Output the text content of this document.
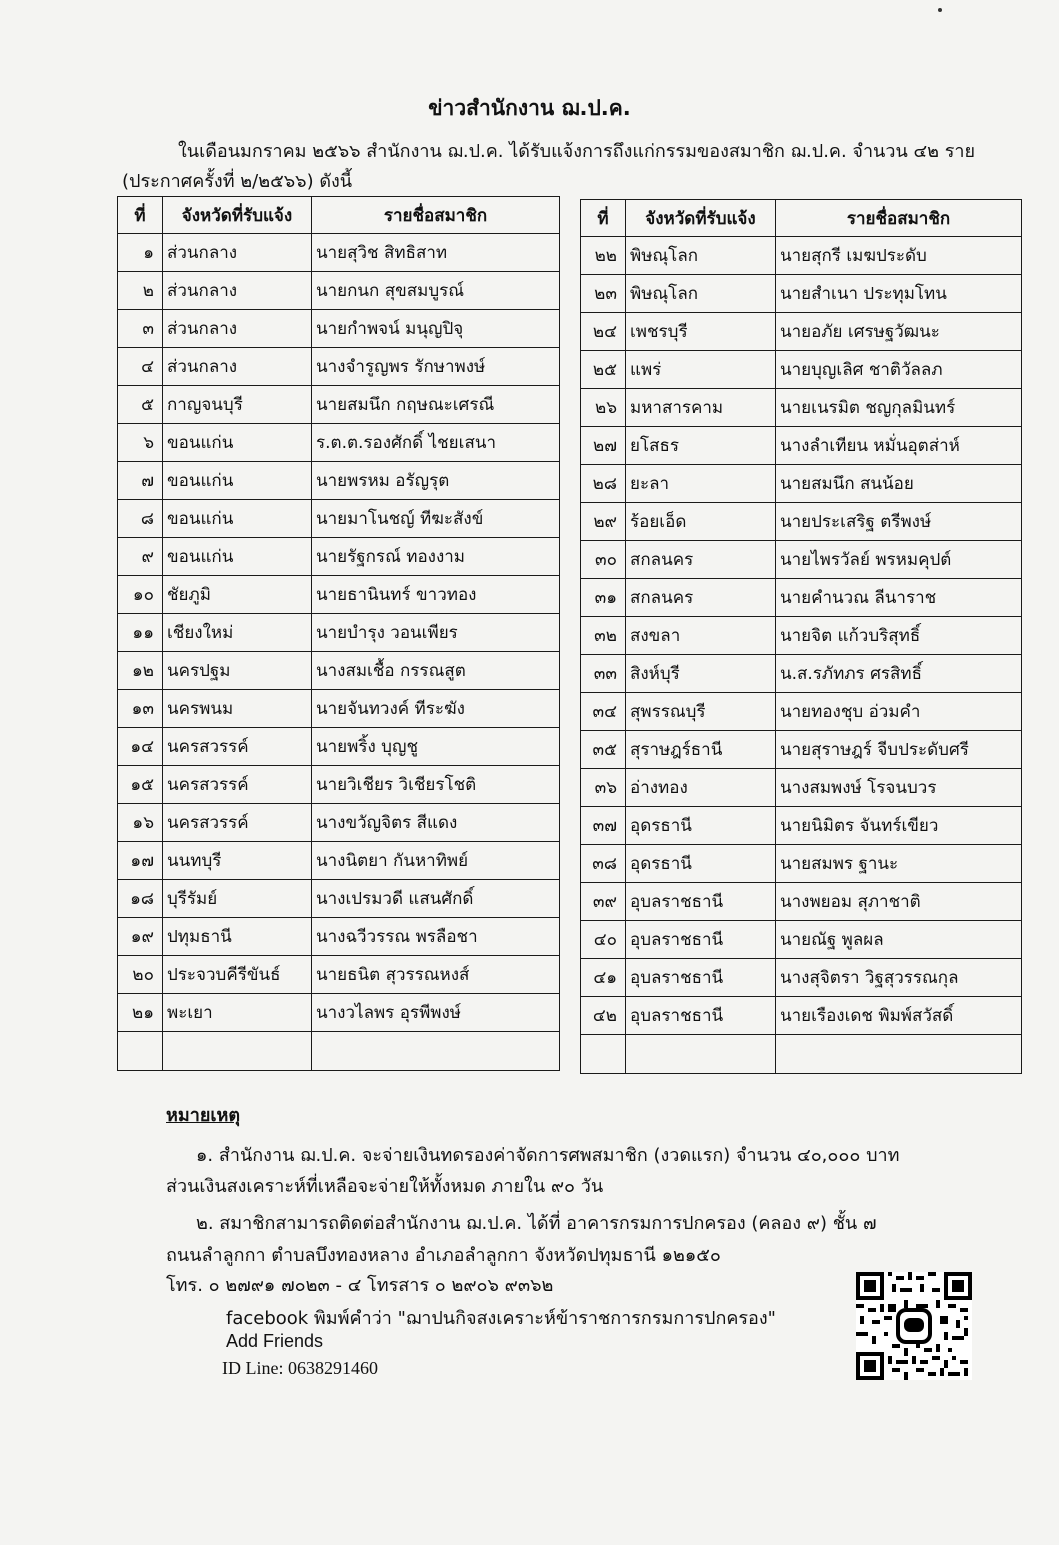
ข่าวสำนักงาน ฌ.ป.ค.
ในเดือนมกราคม ๒๕๖๖ สำนักงาน ฌ.ป.ค. ได้รับแจ้งการถึงแก่กรรมของสมาชิก ฌ.ป.ค. จำนวน ๔๒ ราย
(ประกาศครั้งที่ ๒/๒๕๖๖) ดังนี้
ที่	จังหวัดที่รับแจ้ง	รายชื่อสมาชิก
๑	ส่วนกลาง	นายสุวิช สิทธิสาท
๒	ส่วนกลาง	นายกนก สุขสมบูรณ์
๓	ส่วนกลาง	นายกำพจน์ มนุญปิจุ
๔	ส่วนกลาง	นางจำรูญพร รักษาพงษ์
๕	กาญจนบุรี	นายสมนึก กฤษณะเศรณี
๖	ขอนแก่น	ร.ต.ต.รองศักดิ์ ไชยเสนา
๗	ขอนแก่น	นายพรหม อรัญรุต
๘	ขอนแก่น	นายมาโนชญ์ ทีฆะสังข์
๙	ขอนแก่น	นายรัฐกรณ์ ทองงาม
๑๐	ชัยภูมิ	นายธานินทร์ ขาวทอง
๑๑	เชียงใหม่	นายบำรุง วอนเพียร
๑๒	นครปฐม	นางสมเชื้อ กรรณสูต
๑๓	นครพนม	นายจันทวงค์ ทีระฆัง
๑๔	นครสวรรค์	นายพริ้ง บุญชู
๑๕	นครสวรรค์	นายวิเชียร วิเชียรโชติ
๑๖	นครสวรรค์	นางขวัญจิตร สีแดง
๑๗	นนทบุรี	นางนิตยา กันหาทิพย์
๑๘	บุรีรัมย์	นางเปรมวดี แสนศักดิ์
๑๙	ปทุมธานี	นางฉวีวรรณ พรลือชา
๒๐	ประจวบคีรีขันธ์	นายธนิต สุวรรณหงส์
๒๑	พะเยา	นางวไลพร อุรพีพงษ์

ที่	จังหวัดที่รับแจ้ง	รายชื่อสมาชิก
๒๒	พิษณุโลก	นายสุกรี เมฆประดับ
๒๓	พิษณุโลก	นายสำเนา ประทุมโทน
๒๔	เพชรบุรี	นายอภัย เศรษฐวัฒนะ
๒๕	แพร่	นายบุญเลิศ ชาติวัลลภ
๒๖	มหาสารคาม	นายเนรมิต ชญกุลมินทร์
๒๗	ยโสธร	นางลำเทียน หมั่นอุตส่าห์
๒๘	ยะลา	นายสมนึก สนน้อย
๒๙	ร้อยเอ็ด	นายประเสริฐ ตรีพงษ์
๓๐	สกลนคร	นายไพรวัลย์ พรหมคุปต์
๓๑	สกลนคร	นายคำนวณ ลีนาราช
๓๒	สงขลา	นายจิต แก้วบริสุทธิ์
๓๓	สิงห์บุรี	น.ส.รภัทภร ศรสิทธิ์
๓๔	สุพรรณบุรี	นายทองชุบ อ่วมคำ
๓๕	สุราษฎร์ธานี	นายสุราษฎร์ จีบประดับศรี
๓๖	อ่างทอง	นางสมพงษ์ โรจนบวร
๓๗	อุดรธานี	นายนิมิตร จันทร์เขียว
๓๘	อุดรธานี	นายสมพร ฐานะ
๓๙	อุบลราชธานี	นางพยอม สุภาชาติ
๔๐	อุบลราชธานี	นายณัฐ พูลผล
๔๑	อุบลราชธานี	นางสุจิตรา วิฐสุวรรณกุล
๔๒	อุบลราชธานี	นายเรืองเดช พิมพ์สวัสดิ์

หมายเหตุ
๑. สำนักงาน ฌ.ป.ค. จะจ่ายเงินทดรองค่าจัดการศพสมาชิก (งวดแรก) จำนวน ๔๐,๐๐๐ บาท
ส่วนเงินสงเคราะห์ที่เหลือจะจ่ายให้ทั้งหมด ภายใน ๙๐ วัน
๒. สมาชิกสามารถติดต่อสำนักงาน ฌ.ป.ค. ได้ที่ อาคารกรมการปกครอง (คลอง ๙) ชั้น ๗
ถนนลำลูกกา ตำบลบึงทองหลาง อำเภอลำลูกกา จังหวัดปทุมธานี ๑๒๑๕๐
โทร. ๐ ๒๗๙๑ ๗๐๒๓ - ๔ โทรสาร ๐ ๒๙๐๖ ๙๓๖๒
facebook พิมพ์คำว่า "ฌาปนกิจสงเคราะห์ข้าราชการกรมการปกครอง"
Add Friends
ID Line: 0638291460
